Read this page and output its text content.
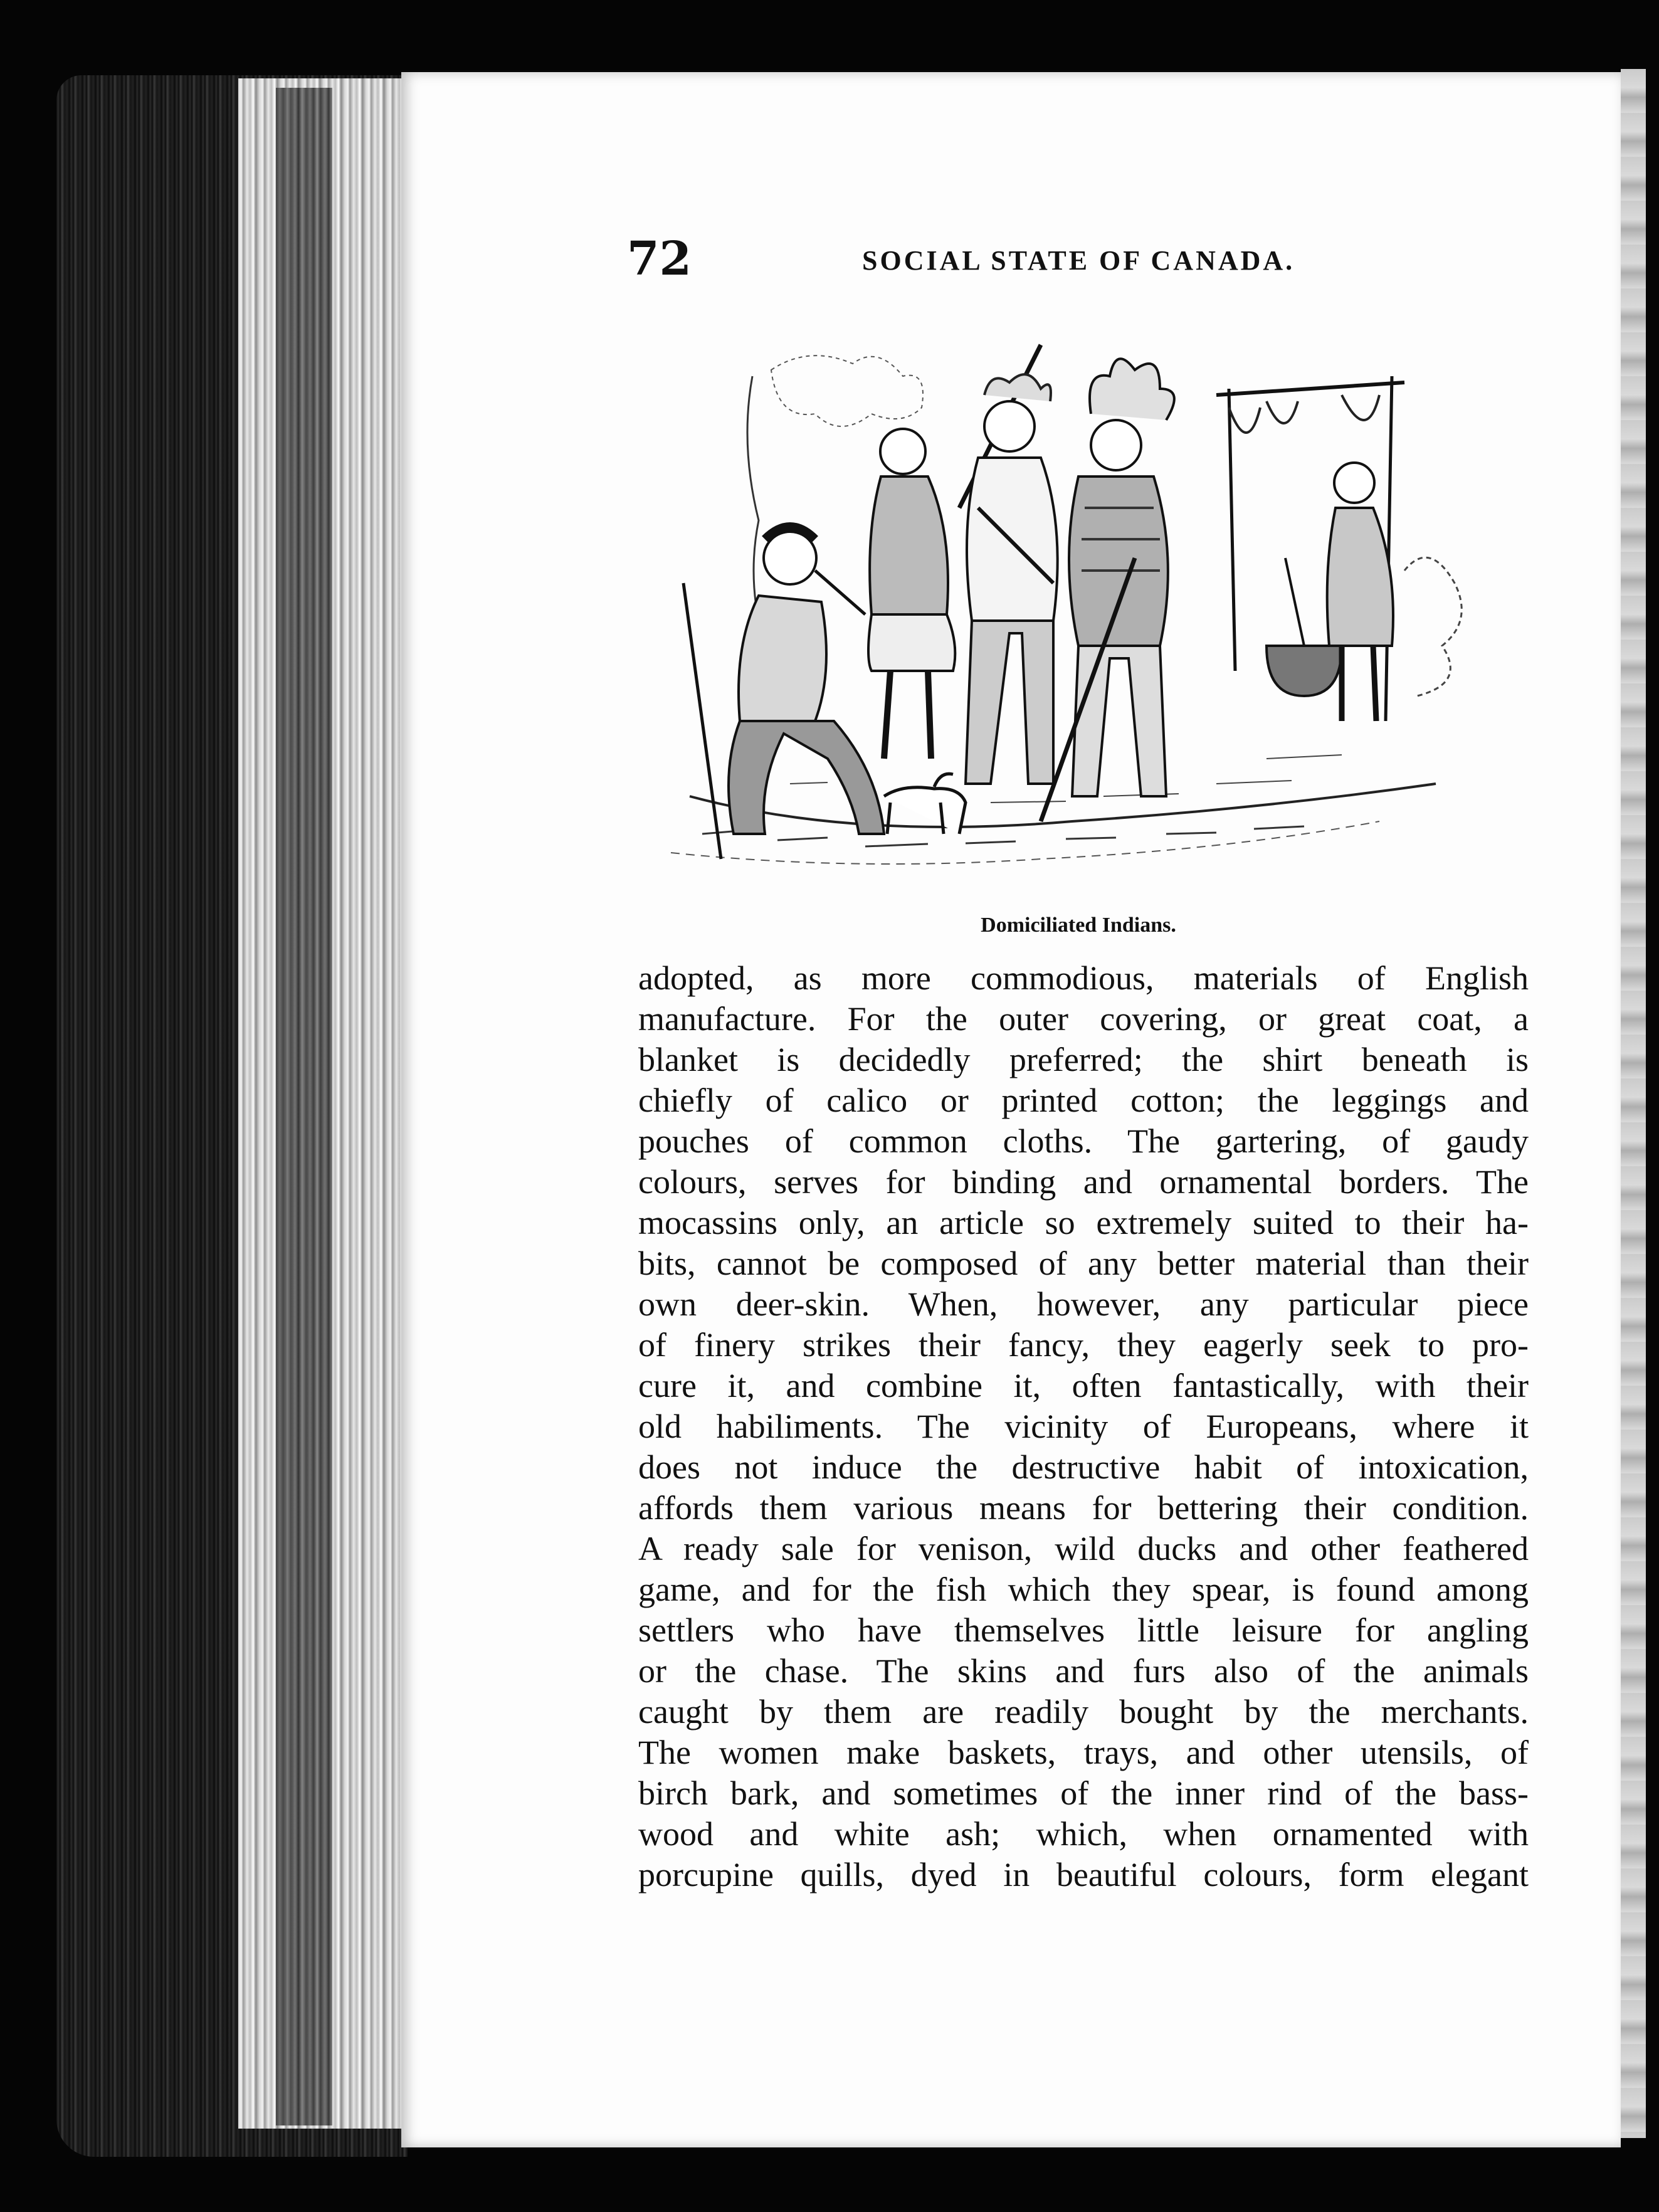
72	SOCIAL STATE OF CANADA.
Domiciliated Indians.
adopted, as more commodious, materials of English
manufacture. For the outer covering, or great coat, a
blanket is decidedly preferred; the shirt beneath is
chiefly of calico or printed cotton; the leggings and
pouches of common cloths. The gartering, of gaudy
colours, serves for binding and ornamental borders. The
mocassins only, an article so extremely suited to their ha-
bits, cannot be composed of any better material than their
own deer-skin. When, however, any particular piece
of finery strikes their fancy, they eagerly seek to pro-
cure it, and combine it, often fantastically, with their
old habiliments. The vicinity of Europeans, where it
does not induce the destructive habit of intoxication,
affords them various means for bettering their condition.
A ready sale for venison, wild ducks and other feathered
game, and for the fish which they spear, is found among
settlers who have themselves little leisure for angling
or the chase. The skins and furs also of the animals
caught by them are readily bought by the merchants.
The women make baskets, trays, and other utensils, of
birch bark, and sometimes of the inner rind of the bass-
wood and white ash; which, when ornamented with
porcupine quills, dyed in beautiful colours, form elegant
